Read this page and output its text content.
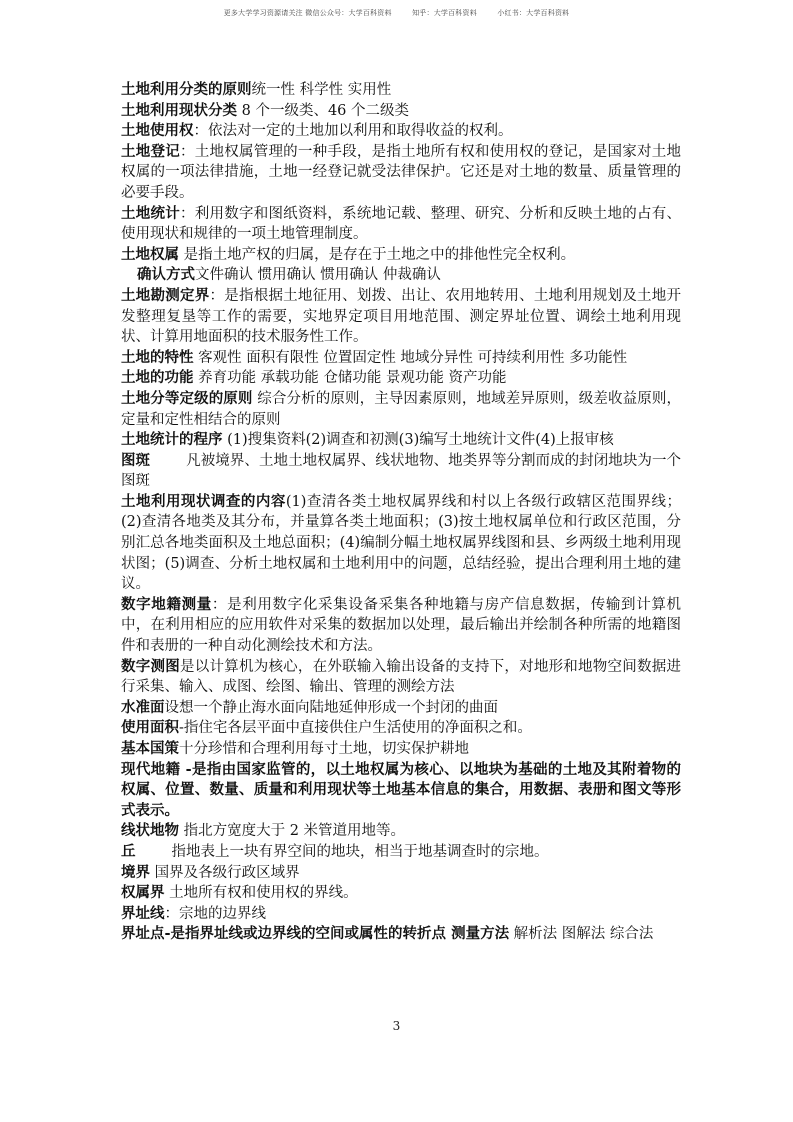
更多大学学习资源请关注 微信公众号：大学百科资料	知乎：大学百科资料	小红书：大学百科资料

土地利用分类的原则统一性 科学性 实用性

土地利用现状分类 8 个一级类、46 个二级类

土地使用权：依法对一定的土地加以利用和取得收益的权利。

土地登记：土地权属管理的一种手段，是指土地所有权和使用权的登记，是国家对土地权属的一项法律措施，土地一经登记就受法律保护。它还是对土地的数量、质量管理的必要手段。

土地统计：利用数字和图纸资料，系统地记载、整理、研究、分析和反映土地的占有、使用现状和规律的一项土地管理制度。

土地权属 是指土地产权的归属，是存在于土地之中的排他性完全权利。

确认方式文件确认 惯用确认 惯用确认 仲裁确认

土地勘测定界：是指根据土地征用、划拨、出让、农用地转用、土地利用规划及土地开发整理复垦等工作的需要，实地界定项目用地范围、测定界址位置、调绘土地利用现状、计算用地面积的技术服务性工作。

土地的特性 客观性 面积有限性 位置固定性 地域分异性 可持续利用性 多功能性

土地的功能 养育功能 承载功能 仓储功能 景观功能 资产功能

土地分等定级的原则 综合分析的原则，主导因素原则，地域差异原则，级差收益原则，定量和定性相结合的原则

土地统计的程序 (1)搜集资料(2)调查和初测(3)编写土地统计文件(4)上报审核

图斑 凡被境界、土地土地权属界、线状地物、地类界等分割而成的封闭地块为一个图斑

土地利用现状调查的内容(1)查清各类土地权属界线和村以上各级行政辖区范围界线；(2)查清各地类及其分布，并量算各类土地面积；(3)按土地权属单位和行政区范围，分别汇总各地类面积及土地总面积；(4)编制分幅土地权属界线图和县、乡两级土地利用现状图；(5)调查、分析土地权属和土地利用中的问题，总结经验，提出合理利用土地的建议。

数字地籍测量：是利用数字化采集设备采集各种地籍与房产信息数据，传输到计算机中，在利用相应的应用软件对采集的数据加以处理，最后输出并绘制各种所需的地籍图件和表册的一种自动化测绘技术和方法。

数字测图是以计算机为核心，在外联输入输出设备的支持下，对地形和地物空间数据进行采集、输入、成图、绘图、输出、管理的测绘方法

水准面设想一个静止海水面向陆地延伸形成一个封闭的曲面

使用面积-指住宅各层平面中直接供住户生活使用的净面积之和。

基本国策十分珍惜和合理利用每寸土地，切实保护耕地

现代地籍 -是指由国家监管的，以土地权属为核心、以地块为基础的土地及其附着物的权属、位置、数量、质量和利用现状等土地基本信息的集合，用数据、表册和图文等形式表示。

线状地物 指北方宽度大于 2 米管道用地等。

丘 指地表上一块有界空间的地块，相当于地基调查时的宗地。

境界 国界及各级行政区域界

权属界 土地所有权和使用权的界线。

界址线：宗地的边界线

界址点-是指界址线或边界线的空间或属性的转折点 测量方法 解析法 图解法 综合法

3
